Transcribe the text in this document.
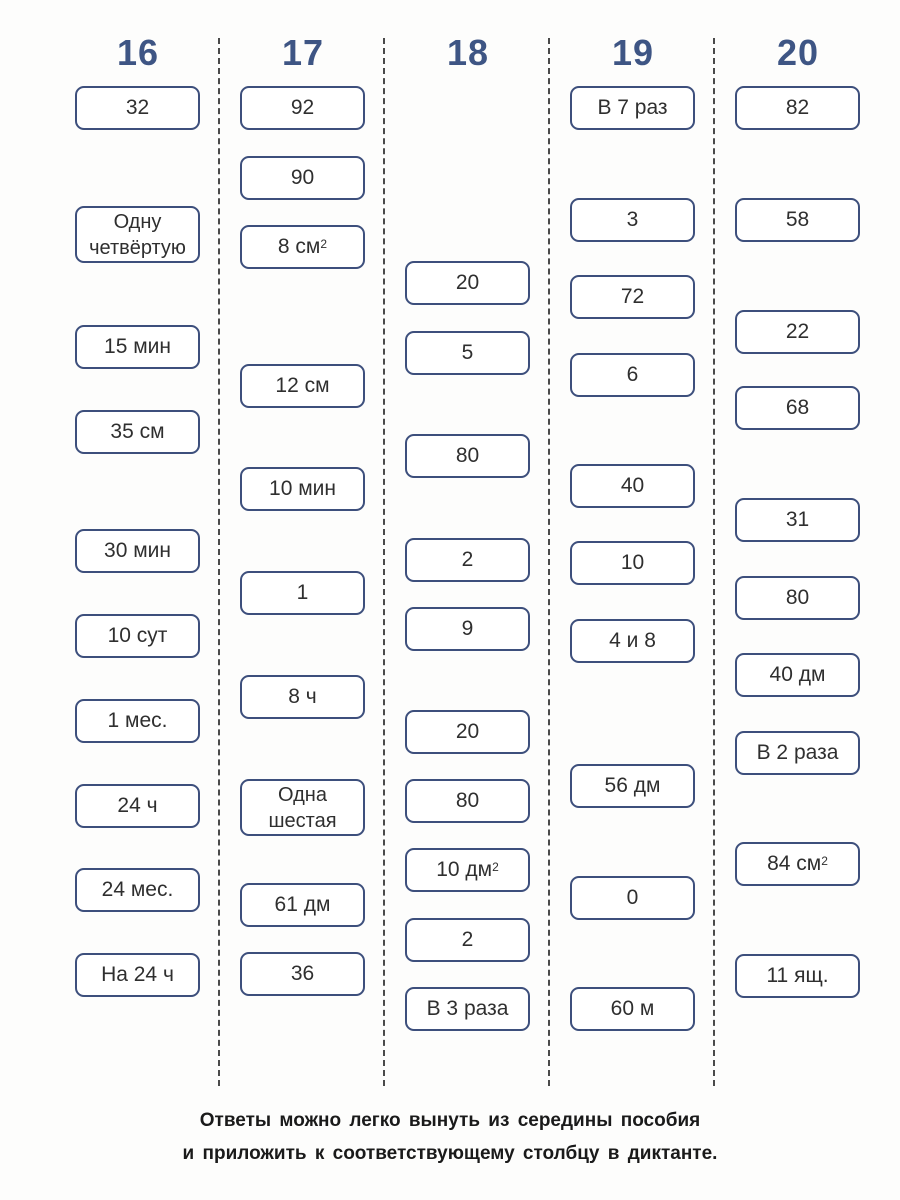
16
32
Одну
четвёртую
15 мин
35 см
30 мин
10 сут
1 мес.
24 ч
24 мес.
На 24 ч
17
92
90
8 $см^2$
12 см
10 мин
1
8 ч
Одна
шестая
61 дм
36
18
20
5
80
2
9
20
80
10 $дм^2$
2
В 3 раза
19
В 7 раз
3
72
6
40
10
4 и 8
56 дм
0
60 м
20
82
58
22
68
31
80
40 дм
В 2 раза
84 $см^2$
11 ящ.
Ответы можно легко вынуть из середины пособия
и приложить к соответствующему столбцу в диктанте.
